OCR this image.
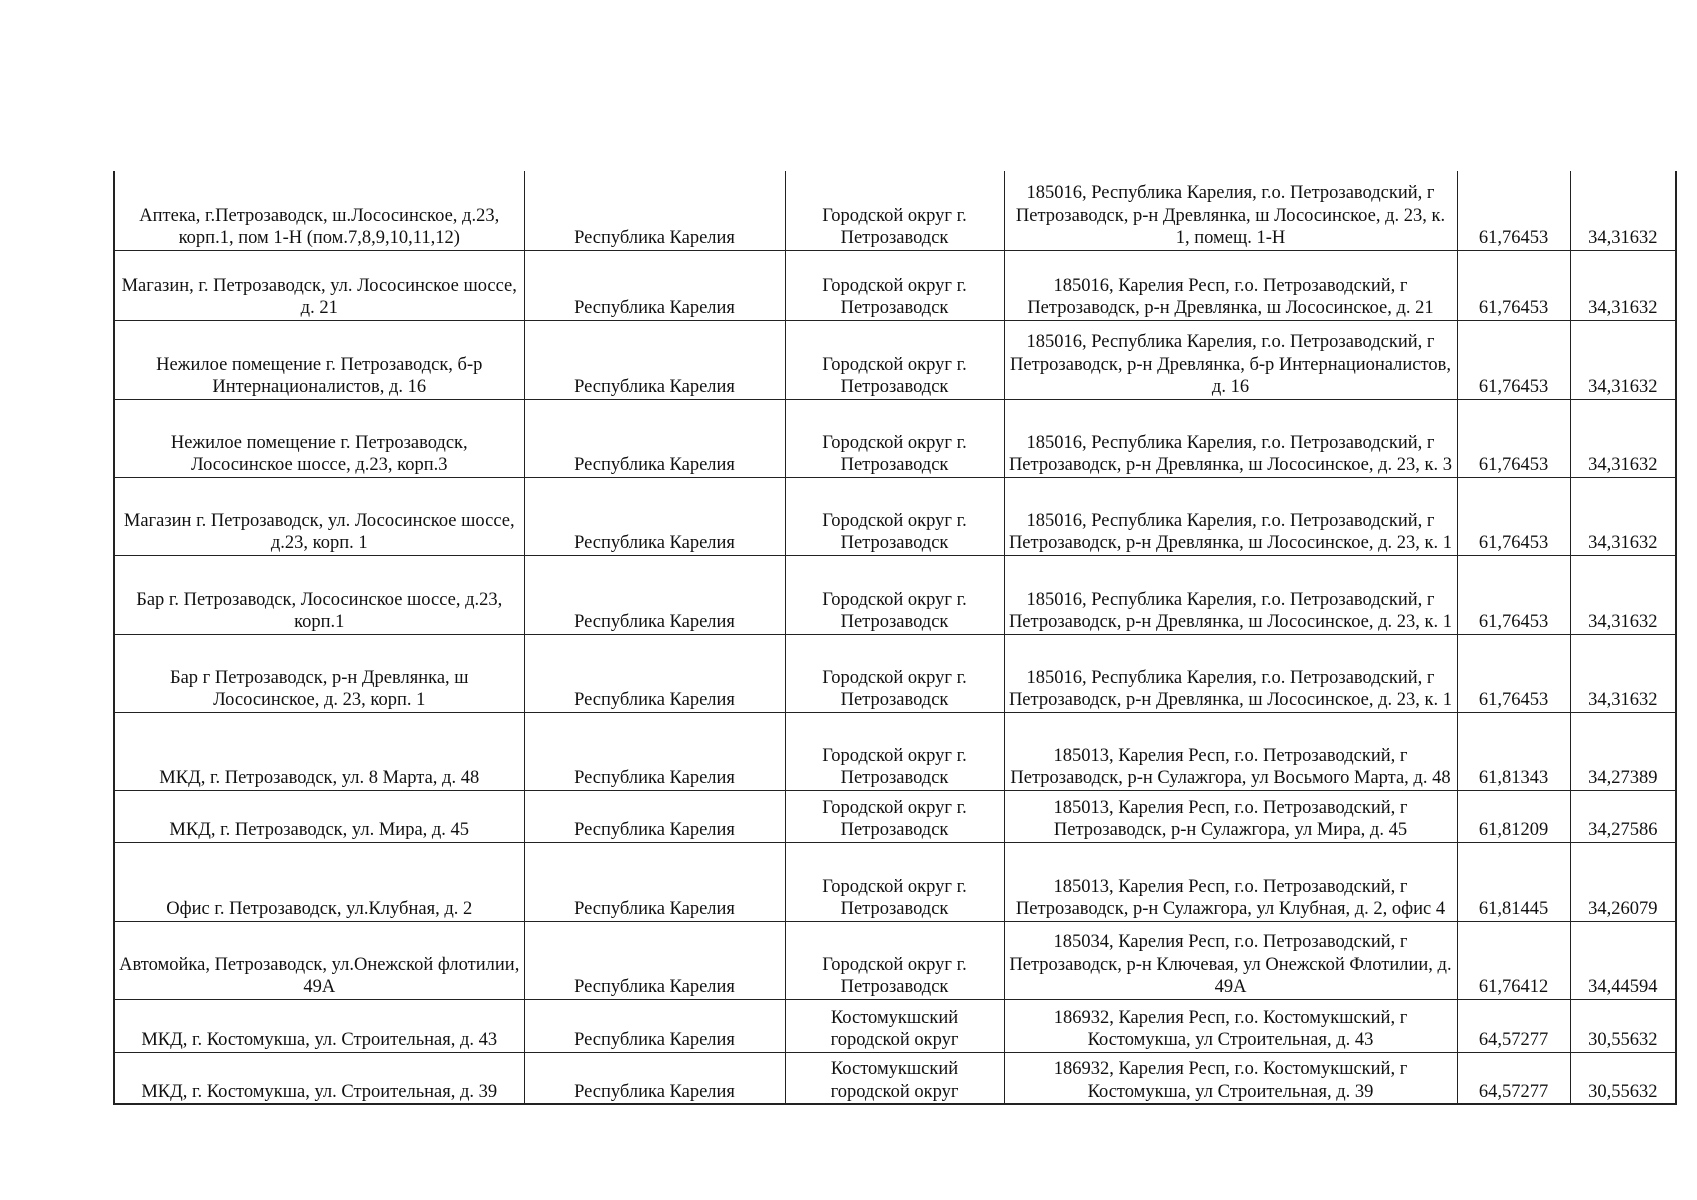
Аптека, г.Петрозаводск, ш.Лососинское, д.23, корп.1, пом 1-Н (пом.7,8,9,10,11,12)	Республика Карелия	Городской округ г. Петрозаводск	185016, Республика Карелия, г.о. Петрозаводский, г Петрозаводск, р-н Древлянка, ш Лососинское, д. 23, к. 1, помещ. 1-Н	61,76453	34,31632
Магазин, г. Петрозаводск, ул. Лососинское шоссе, д. 21	Республика Карелия	Городской округ г. Петрозаводск	185016, Карелия Респ, г.о. Петрозаводский, г Петрозаводск, р-н Древлянка, ш Лососинское, д. 21	61,76453	34,31632
Нежилое помещение г. Петрозаводск, б-р Интернационалистов, д. 16	Республика Карелия	Городской округ г. Петрозаводск	185016, Республика Карелия, г.о. Петрозаводский, г Петрозаводск, р-н Древлянка, б-р Интернационалистов, д. 16	61,76453	34,31632
Нежилое помещение г. Петрозаводск, Лососинское шоссе, д.23, корп.3	Республика Карелия	Городской округ г. Петрозаводск	185016, Республика Карелия, г.о. Петрозаводский, г Петрозаводск, р-н Древлянка, ш Лососинское, д. 23, к. 3	61,76453	34,31632
Магазин г. Петрозаводск, ул. Лососинское шоссе, д.23, корп. 1	Республика Карелия	Городской округ г. Петрозаводск	185016, Республика Карелия, г.о. Петрозаводский, г Петрозаводск, р-н Древлянка, ш Лососинское, д. 23, к. 1	61,76453	34,31632
Бар г. Петрозаводск, Лососинское шоссе, д.23, корп.1	Республика Карелия	Городской округ г. Петрозаводск	185016, Республика Карелия, г.о. Петрозаводский, г Петрозаводск, р-н Древлянка, ш Лососинское, д. 23, к. 1	61,76453	34,31632
Бар г Петрозаводск, р-н Древлянка, ш Лососинское, д. 23, корп. 1	Республика Карелия	Городской округ г. Петрозаводск	185016, Республика Карелия, г.о. Петрозаводский, г Петрозаводск, р-н Древлянка, ш Лососинское, д. 23, к. 1	61,76453	34,31632
МКД, г. Петрозаводск, ул. 8 Марта, д. 48	Республика Карелия	Городской округ г. Петрозаводск	185013, Карелия Респ, г.о. Петрозаводский, г Петрозаводск, р-н Сулажгора, ул Восьмого Марта, д. 48	61,81343	34,27389
МКД, г. Петрозаводск, ул. Мира, д. 45	Республика Карелия	Городской округ г. Петрозаводск	185013, Карелия Респ, г.о. Петрозаводский, г Петрозаводск, р-н Сулажгора, ул Мира, д. 45	61,81209	34,27586
Офис г. Петрозаводск, ул.Клубная, д. 2	Республика Карелия	Городской округ г. Петрозаводск	185013, Карелия Респ, г.о. Петрозаводский, г Петрозаводск, р-н Сулажгора, ул Клубная, д. 2, офис 4	61,81445	34,26079
Автомойка, Петрозаводск, ул.Онежской флотилии, 49А	Республика Карелия	Городской округ г. Петрозаводск	185034, Карелия Респ, г.о. Петрозаводский, г Петрозаводск, р-н Ключевая, ул Онежской Флотилии, д. 49А	61,76412	34,44594
МКД, г. Костомукша, ул. Строительная, д. 43	Республика Карелия	Костомукшский городской округ	186932, Карелия Респ, г.о. Костомукшский, г Костомукша, ул Строительная, д. 43	64,57277	30,55632
МКД, г. Костомукша, ул. Строительная, д. 39	Республика Карелия	Костомукшский городской округ	186932, Карелия Респ, г.о. Костомукшский, г Костомукша, ул Строительная, д. 39	64,57277	30,55632
